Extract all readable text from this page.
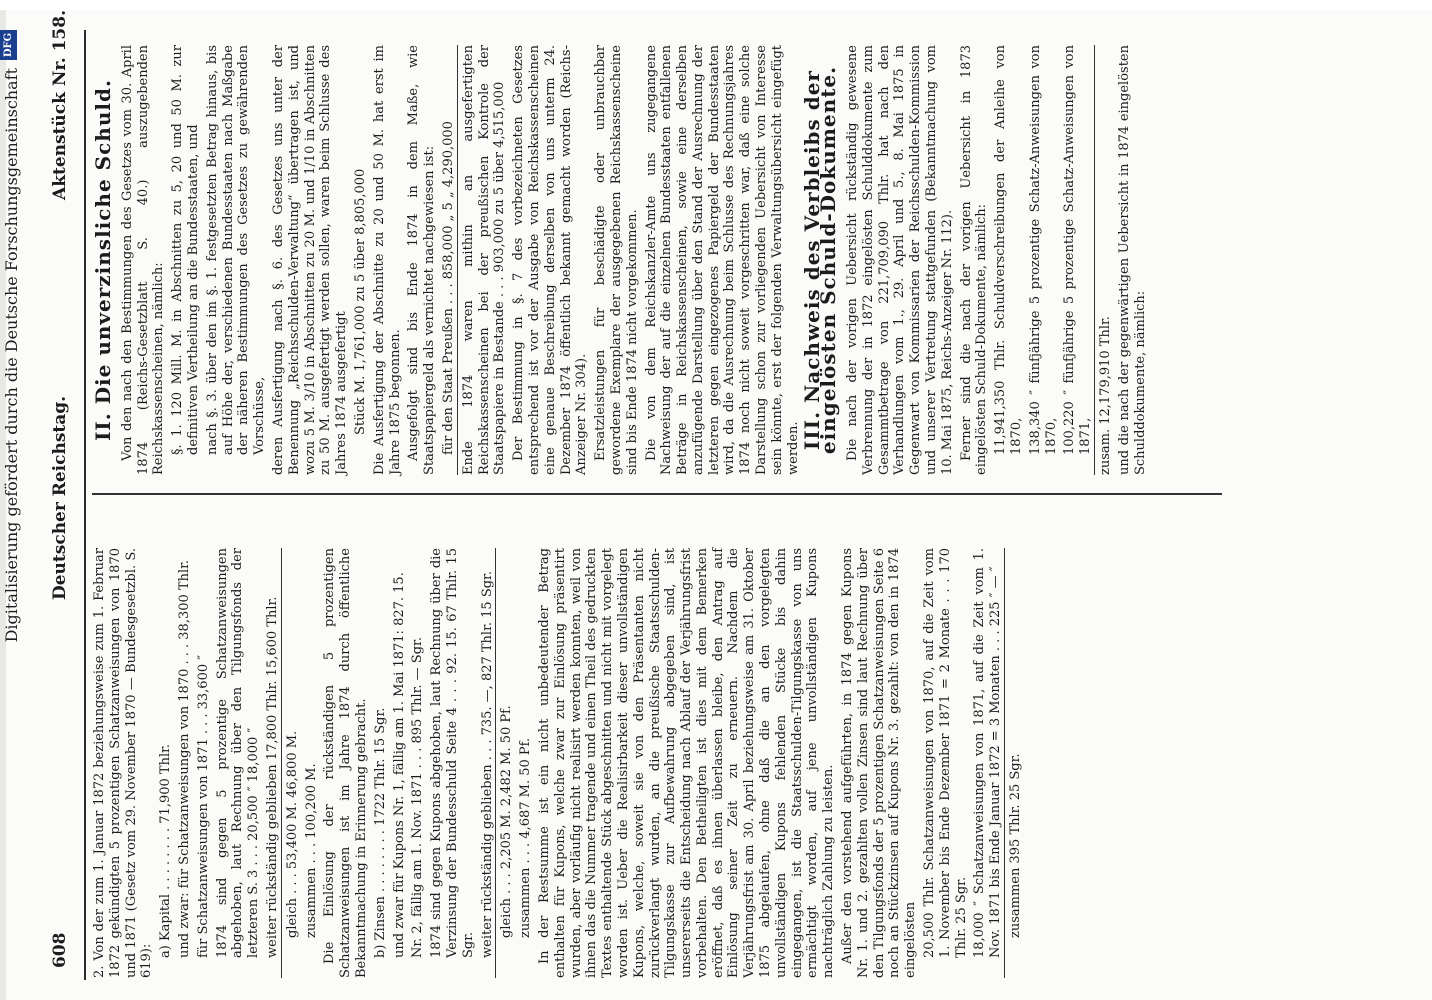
Digitalisierung gefördert durch die Deutsche Forschungsgemeinschaft
DFG
608
Deutscher Reichstag.
Aktenstück Nr. 158.

2. Von der zum 1. Januar 1872 beziehungsweise zum 1. Februar 1872 gekündigten 5 prozentigen Schatzanweisungen von 1870 und 1871 (Gesetz vom 29. November 1870 — Bundesgesetzbl. S. 619):

a) Kapital . . . . . . . . 71,900 Thlr. und zwar: für Schatzanweisungen von 1870 . . . 38,300 Thlr. für Schatzanweisungen von 1871 . . . 33,600 ″ 1874 sind gegen 5 prozentige Schatzanweisungen abgehoben, laut Rechnung über den Tilgungsfonds der letzteren S. 3 . . . 20,500 ″ 18,000 ″ weiter rückständig geblieben 17,800 Thlr. 15,600 Thlr. gleich . . . 53,400 M. 46,800 M. zusammen . . . 100,200 M. Die Einlösung der rückständigen 5 prozentigen Schatzanweisungen ist im Jahre 1874 durch öffentliche Bekanntmachung in Erinnerung gebracht. b) Zinsen . . . . . . . . 1722 Thlr. 15 Sgr. und zwar für Kupons Nr. 1, fällig am 1. Mai 1871: 827. 15. Nr. 2, fällig am 1. Nov. 1871 . . . 895 Thlr. — Sgr. 1874 sind gegen Kupons abgehoben, laut Rechnung über die Verzinsung der Bundesschuld Seite 4 . . . 92. 15. 67 Thlr. 15 Sgr. weiter rückständig geblieben . . . 735. —, 827 Thlr. 15 Sgr. gleich . . . 2,205 M. 2,482 M. 50 Pf. zusammen . . . 4,687 M. 50 Pf. In der Restsumme ist ein nicht unbedeutender Betrag enthalten für Kupons, welche zwar zur Einlösung präsentirt wurden, aber vorläufig nicht realisirt werden konnten, weil von ihnen das die Nummer tragende und einen Theil des gedruckten Textes enthaltende Stück abgeschnitten und nicht mit vorgelegt worden ist. Ueber die Realisirbarkeit dieser unvollständigen Kupons, welche, soweit sie von den Präsentanten nicht zurückverlangt wurden, an die preußische Staatsschulden-Tilgungskasse zur Aufbewahrung abgegeben sind, ist unsererseits die Entscheidung nach Ablauf der Verjährungsfrist vorbehalten. Den Betheiligten ist dies mit dem Bemerken eröffnet, daß es ihnen überlassen bleibe, den Antrag auf Einlösung seiner Zeit zu erneuern. Nachdem die Verjährungsfrist am 30. April beziehungsweise am 31. Oktober 1875 abgelaufen, ohne daß die an den vorgelegten unvollständigen Kupons fehlenden Stücke bis dahin eingegangen, ist die Staatsschulden-Tilgungskasse von uns ermächtigt worden, auf jene unvollständigen Kupons nachträglich Zahlung zu leisten. Außer den vorstehend aufgeführten, in 1874 gegen Kupons Nr. 1. und 2. gezahlten vollen Zinsen sind laut Rechnung über den Tilgungsfonds der 5 prozentigen Schatzanweisungen Seite 6 noch an Stückzinsen auf Kupons Nr. 3. gezahlt: von den in 1874 eingelösten 20,500 Thlr. Schatzanweisungen von 1870, auf die Zeit vom 1. November bis Ende Dezember 1871 = 2 Monate . . . 170 Thlr. 25 Sgr. 18,000 ″ Schatzanweisungen von 1871, auf die Zeit vom 1. Nov. 1871 bis Ende Januar 1872 = 3 Monaten . . . 225 ″ — ″ zusammen 395 Thlr. 25 Sgr.

II. Die unverzinsliche Schuld. Von den nach den Bestimmungen des Gesetzes vom 30. April 1874 (Reichs-Gesetzblatt S. 40.) auszugebenden Reichskassenscheinen, nämlich: §. 1. 120 Mill. M. in Abschnitten zu 5, 20 und 50 M. zur definitiven Vertheilung an die Bundesstaaten, und nach §. 3. über den im §. 1. festgesetzten Betrag hinaus, bis auf Höhe der, verschiedenen Bundesstaaten nach Maßgabe der näheren Bestimmungen des Gesetzes zu gewährenden Vorschüsse, deren Ausfertigung nach §. 6. des Gesetzes uns unter der Benennung „Reichsschulden-Verwaltung“ übertragen ist, und wozu 5 M. 3/10 in Abschnitten zu 20 M. und 1/10 in Abschnitten zu 50 M. ausgefertigt werden sollen, waren beim Schlusse des Jahres 1874 ausgefertigt Stück M. 1,761,000 zu 5 über 8,805,000 Die Ausfertigung der Abschnitte zu 20 und 50 M. hat erst im Jahre 1875 begonnen. Ausgefolgt sind bis Ende 1874 in dem Maße, wie Staatspapiergeld als vernichtet nachgewiesen ist: für den Staat Preußen . . . 858,000 „ 5 „ 4,290,000 Ende 1874 waren mithin an ausgefertigten Reichskassenscheinen bei der preußischen Kontrole der Staatspapiere in Bestande . . . 903,000 zu 5 über 4,515,000 Der Bestimmung in §. 7 des vorbezeichneten Gesetzes entsprechend ist vor der Ausgabe von Reichskassenscheinen eine genaue Beschreibung derselben von uns unterm 24. Dezember 1874 öffentlich bekannt gemacht worden (Reichs-Anzeiger Nr. 304). Ersatzleistungen für beschädigte oder unbrauchbar gewordene Exemplare der ausgegebenen Reichskassenscheine sind bis Ende 1874 nicht vorgekommen. Die von dem Reichskanzler-Amte uns zugegangene Nachweisung der auf die einzelnen Bundesstaaten entfallenen Beträge in Reichskassenscheinen, sowie eine derselben anzufügende Darstellung über den Stand der Ausrechnung der letzteren gegen eingezogenes Papiergeld der Bundesstaaten wird, da die Ausrechnung beim Schlusse des Rechnungsjahres 1874 noch nicht soweit vorgeschritten war, daß eine solche Darstellung schon zur vorliegenden Uebersicht von Interesse sein könnte, erst der folgenden Verwaltungsübersicht eingefügt werden. III. Nachweis des Verbleibs der eingelösten Schuld-Dokumente. Die nach der vorigen Uebersicht rückständig gewesene Verbrennung der in 1872 eingelösten Schulddokumente zum Gesammtbetrage von 221,709,090 Thlr. hat nach den Verhandlungen vom 1., 29. April und 5., 8. Mai 1875 in Gegenwart von Kommissarien der Reichsschulden-Kommission und unserer Vertretung stattgefunden (Bekanntmachung vom 10. Mai 1875, Reichs-Anzeiger Nr. 112). Ferner sind die nach der vorigen Uebersicht in 1873 eingelösten Schuld-Dokumente, nämlich: 11,941,350 Thlr. Schuldverschreibungen der Anleihe von 1870, 138,340 ″ fünfjährige 5 prozentige Schatz-Anweisungen von 1870, 100,220 ″ fünfjährige 5 prozentige Schatz-Anweisungen von 1871, zusam. 12,179,910 Thlr. und die nach der gegenwärtigen Uebersicht in 1874 eingelösten Schulddokumente, nämlich:
